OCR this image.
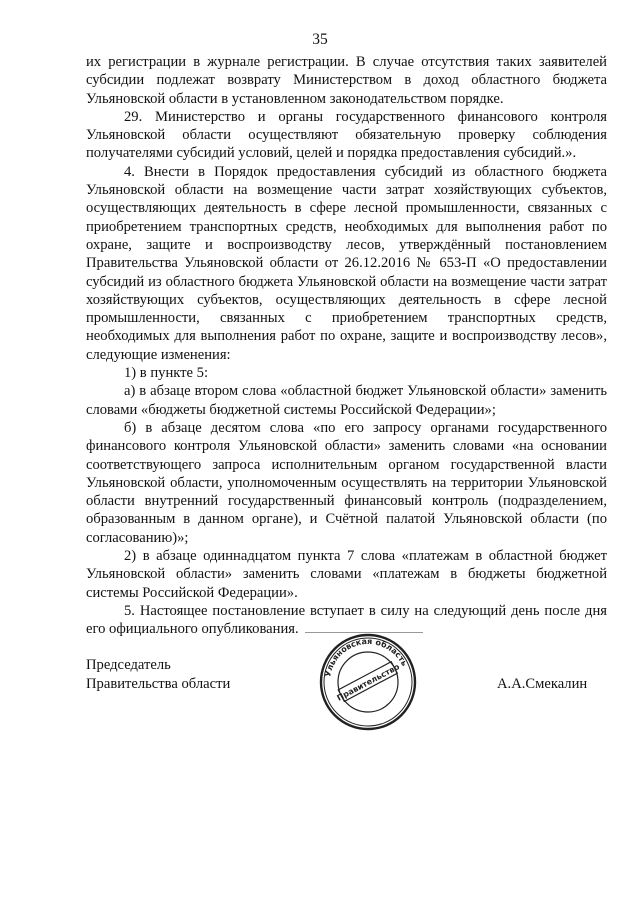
35

их регистрации в журнале регистрации. В случае отсутствия таких заявителей субсидии подлежат возврату Министерством в доход областного бюджета Ульяновской области в установленном законодательством порядке.

29. Министерство и органы государственного финансового контроля Ульяновской области осуществляют обязательную проверку соблюдения получателями субсидий условий, целей и порядка предоставления субсидий.».

4. Внести в Порядок предоставления субсидий из областного бюджета Ульяновской области на возмещение части затрат хозяйствующих субъектов, осуществляющих деятельность в сфере лесной промышленности, связанных с приобретением транспортных средств, необходимых для выполнения работ по охране, защите и воспроизводству лесов, утверждённый постановлением Правительства Ульяновской области от 26.12.2016 № 653-П «О предоставлении субсидий из областного бюджета Ульяновской области на возмещение части затрат хозяйствующих субъектов, осуществляющих деятельность в сфере лесной промышленности, связанных с приобретением транспортных средств, необходимых для выполнения работ по охране, защите и воспроизводству лесов», следующие изменения:

1) в пункте 5:

а) в абзаце втором слова «областной бюджет Ульяновской области» заменить словами «бюджеты бюджетной системы Российской Федерации»;

б) в абзаце десятом слова «по его запросу органами государственного финансового контроля Ульяновской области» заменить словами «на основании соответствующего запроса исполнительным органом государственной власти Ульяновской области, уполномоченным осуществлять на территории Ульяновской области внутренний государственный финансовый контроль (подразделением, образованным в данном органе), и Счётной палатой Ульяновской области (по согласованию)»;

2) в абзаце одиннадцатом пункта 7 слова «платежам в областной бюджет Ульяновской области» заменить словами «платежам в бюджеты бюджетной системы Российской Федерации».

5. Настоящее постановление вступает в силу на следующий день после дня его официального опубликования.

Председатель
Правительства области
Ульяновская область
Правительство	А.А.Смекалин
